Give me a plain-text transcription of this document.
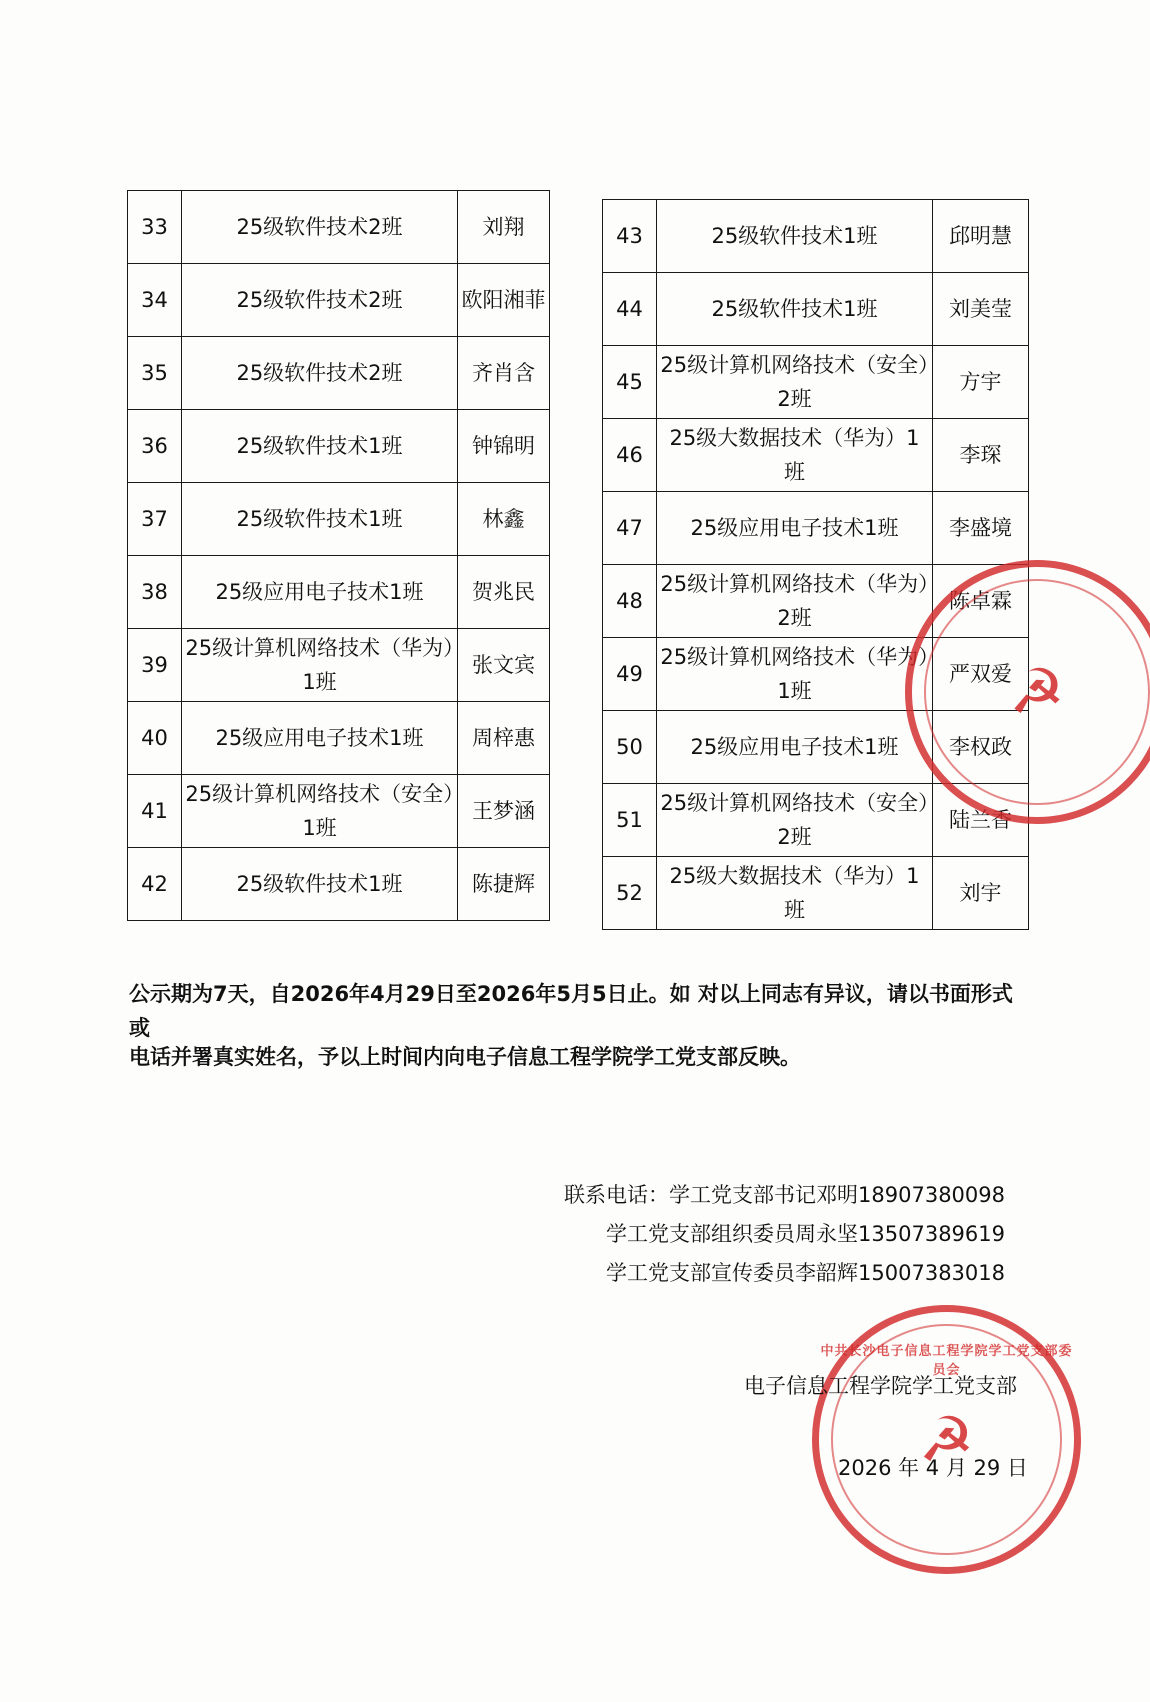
33	25级软件技术2班	刘翔
34	25级软件技术2班	欧阳湘菲
35	25级软件技术2班	齐肖含
36	25级软件技术1班	钟锦明
37	25级软件技术1班	林鑫
38	25级应用电子技术1班	贺兆民
39	25级计算机网络技术（华为）1班	张文宾
40	25级应用电子技术1班	周梓惠
41	25级计算机网络技术（安全）1班	王梦涵
42	25级软件技术1班	陈捷辉
43	25级软件技术1班	邱明慧
44	25级软件技术1班	刘美莹
45	25级计算机网络技术（安全）2班	方宇
46	25级大数据技术（华为）1班	李琛
47	25级应用电子技术1班	李盛境
48	25级计算机网络技术（华为）2班	陈卓霖
49	25级计算机网络技术（华为）1班	严双爱
50	25级应用电子技术1班	李权政
51	25级计算机网络技术（安全）2班	陆兰香
52	25级大数据技术（华为）1班	刘宇
☭
公示期为7天，自2026年4月29日至2026年5月5日止。如 对以上同志有异议，请以书面形式或
电话并署真实姓名，予以上时间内向电子信息工程学院学工党支部反映。
联系电话：学工党支部书记邓明18907380098
学工党支部组织委员周永坚13507389619
学工党支部宣传委员李韶辉15007383018
☭
中共长沙电子信息工程学院学工党支部委员会
电子信息工程学院学工党支部
2026 年 4 月 29 日
